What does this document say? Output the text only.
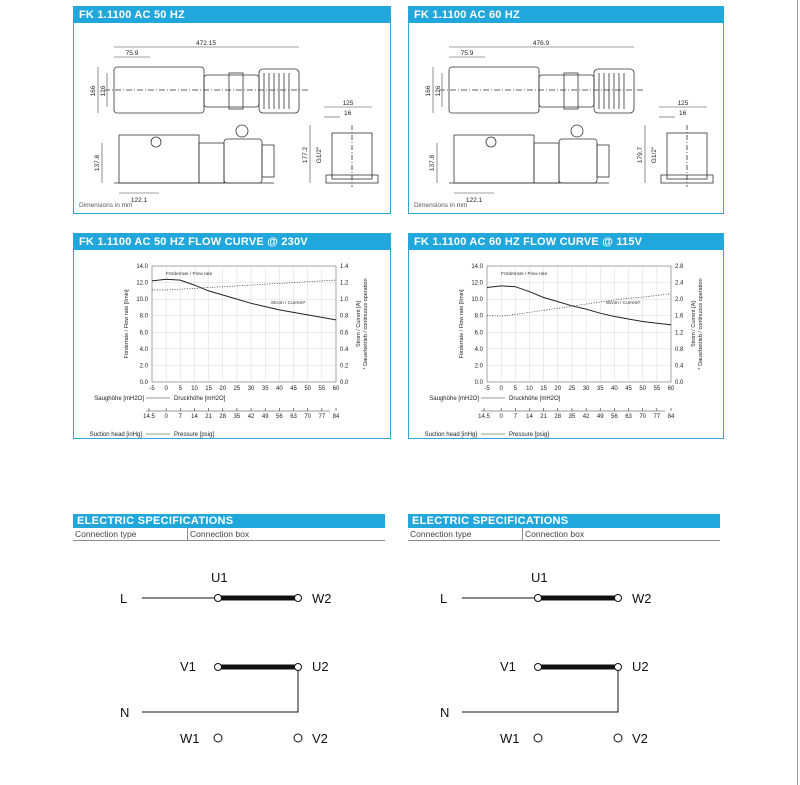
FK 1.1100 AC 50 HZ
472.15
75.9
166 126
137.8
122.1
125
16
177.2 G1/2"
Dimensions in mm
FK 1.1100 AC 60 HZ
476.9
75.9
166 126
137.8
122.1
125
16
179.7 G1/2"
Dimensions in mm
FK 1.1100 AC 50 HZ FLOW CURVE @ 230V
0.0
2.0
4.0
6.0
8.0
10.0
12.0
14.0
0.0
0.2
0.4
0.6
0.8
1.0
1.2
1.4
-5 0 5 10 15 20 25 30 35 40 45 50 55 60
14.5 0 7 14 21 28 35 42 49 56 63 70 77 84
Saughöhe [mH2O]	Druckhöhe [mH2O]
Suction head [inHg]	Pressure [psig]
Förderrate / Flow rate [l/min]	Strom / Current [A] * Dauerbetrieb / continuous operation
Förderrate / Flow rate
Strom / Current*
FK 1.1100 AC 60 HZ FLOW CURVE @ 115V
0.0
2.0
4.0
6.0
8.0
10.0
12.0
14.0
0.0
0.4
0.8
1.2
1.6
2.0
2.4
2.8
-5 0 5 10 15 20 25 30 35 40 45 50 55 60
14.5 0 7 14 21 28 35 42 49 56 63 70 77 84
Saughöhe [mH2O]	Druckhöhe [mH2O]
Suction head [inHg]	Pressure [psig]
Förderrate / Flow rate [l/min]	Strom / Current [A] * Dauerbetrieb / continuous operation
Förderrate / Flow rate
Strom / Current*
ELECTRIC SPECIFICATIONS
Connection type	Connection box
ELECTRIC SPECIFICATIONS
Connection type	Connection box
L
N
U1
W2
V1	U2
W1	V2
L
N
U1
W2
V1	U2
W1	V2
